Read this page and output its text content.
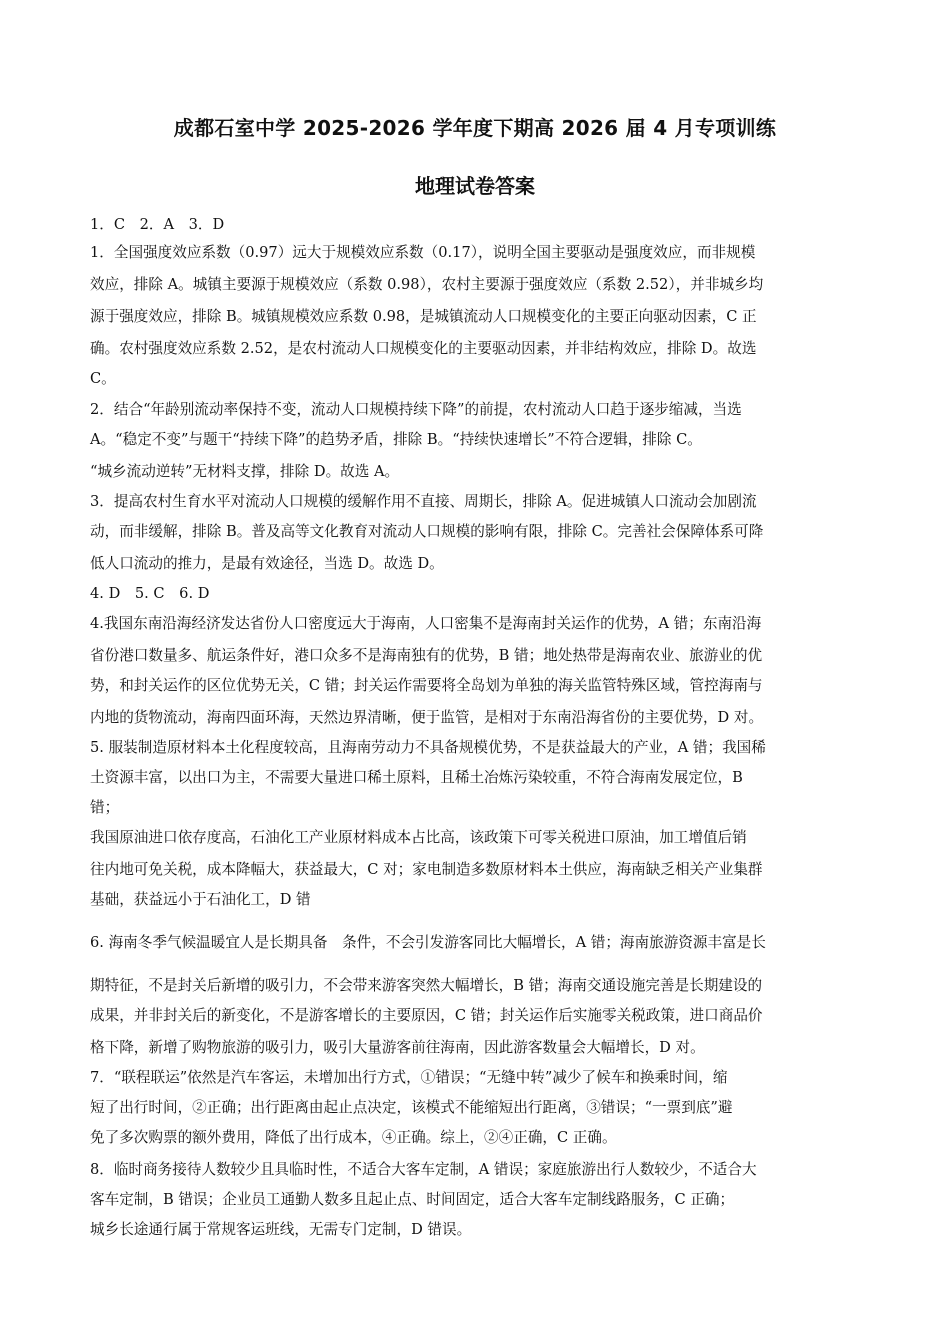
成都石室中学 2025-2026 学年度下期高 2026 届 4 月专项训练
地理试卷答案
1．C　2．A　3．D
1．全国强度效应系数（0.97）远大于规模效应系数（0.17），说明全国主要驱动是强度效应，而非规模
效应，排除 A。城镇主要源于规模效应（系数 0.98），农村主要源于强度效应（系数 2.52），并非城乡均
源于强度效应，排除 B。城镇规模效应系数 0.98，是城镇流动人口规模变化的主要正向驱动因素，C 正
确。农村强度效应系数 2.52，是农村流动人口规模变化的主要驱动因素，并非结构效应，排除 D。故选
C。
2．结合“年龄别流动率保持不变，流动人口规模持续下降”的前提，农村流动人口趋于逐步缩减，当选
A。“稳定不变”与题干“持续下降”的趋势矛盾，排除 B。“持续快速增长”不符合逻辑，排除 C。
“城乡流动逆转”无材料支撑，排除 D。故选 A。
3．提高农村生育水平对流动人口规模的缓解作用不直接、周期长，排除 A。促进城镇人口流动会加剧流
动，而非缓解，排除 B。普及高等文化教育对流动人口规模的影响有限，排除 C。完善社会保障体系可降
低人口流动的推力，是最有效途径，当选 D。故选 D。
4. D　5. C　6. D
4.我国东南沿海经济发达省份人口密度远大于海南，人口密集不是海南封关运作的优势，A 错；东南沿海
省份港口数量多、航运条件好，港口众多不是海南独有的优势，B 错；地处热带是海南农业、旅游业的优
势，和封关运作的区位优势无关，C 错；封关运作需要将全岛划为单独的海关监管特殊区域，管控海南与
内地的货物流动，海南四面环海，天然边界清晰，便于监管，是相对于东南沿海省份的主要优势，D 对。
5. 服装制造原材料本土化程度较高，且海南劳动力不具备规模优势，不是获益最大的产业，A 错；我国稀
土资源丰富，以出口为主，不需要大量进口稀土原料，且稀土冶炼污染较重，不符合海南发展定位，B
错；
我国原油进口依存度高，石油化工产业原材料成本占比高，该政策下可零关税进口原油，加工增值后销
往内地可免关税，成本降幅大，获益最大，C 对；家电制造多数原材料本土供应，海南缺乏相关产业集群
基础，获益远小于石油化工，D 错
6. 海南冬季气候温暖宜人是长期具备　条件，不会引发游客同比大幅增长，A 错；海南旅游资源丰富是长
期特征，不是封关后新增的吸引力，不会带来游客突然大幅增长，B 错；海南交通设施完善是长期建设的
成果，并非封关后的新变化，不是游客增长的主要原因，C 错；封关运作后实施零关税政策，进口商品价
格下降，新增了购物旅游的吸引力，吸引大量游客前往海南，因此游客数量会大幅增长，D 对。
7．“联程联运”依然是汽车客运，未增加出行方式，①错误；“无缝中转”减少了候车和换乘时间，缩
短了出行时间，②正确；出行距离由起止点决定，该模式不能缩短出行距离，③错误；“一票到底”避
免了多次购票的额外费用，降低了出行成本，④正确。综上，②④正确，C 正确。
8．临时商务接待人数较少且具临时性，不适合大客车定制，A 错误；家庭旅游出行人数较少，不适合大
客车定制，B 错误；企业员工通勤人数多且起止点、时间固定，适合大客车定制线路服务，C 正确；
城乡长途通行属于常规客运班线，无需专门定制，D 错误。
